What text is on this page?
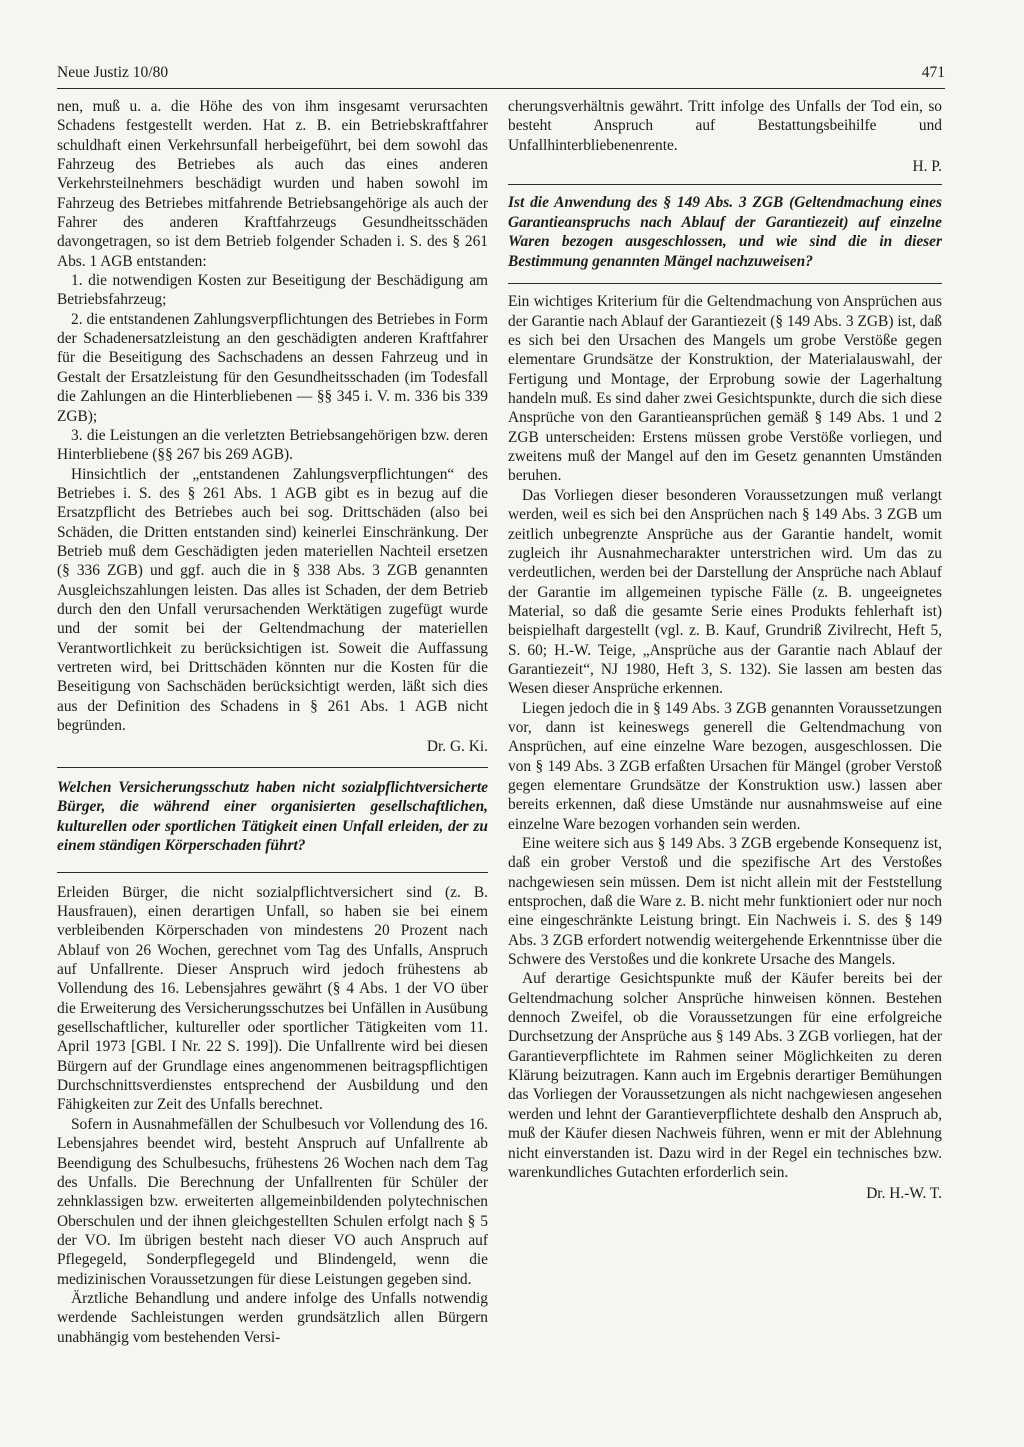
Neue Justiz 10/80	471

nen, muß u. a. die Höhe des von ihm insgesamt verursachten Schadens festgestellt werden. Hat z. B. ein Betriebskraftfahrer schuldhaft einen Verkehrsunfall herbeigeführt, bei dem sowohl das Fahrzeug des Betriebes als auch das eines anderen Verkehrsteilnehmers beschädigt wurden und haben sowohl im Fahrzeug des Betriebes mitfahrende Betriebsangehörige als auch der Fahrer des anderen Kraftfahrzeugs Gesundheitsschäden davongetragen, so ist dem Betrieb folgender Schaden i. S. des § 261 Abs. 1 AGB entstanden:

1. die notwendigen Kosten zur Beseitigung der Beschädigung am Betriebsfahrzeug;

2. die entstandenen Zahlungsverpflichtungen des Betriebes in Form der Schadenersatzleistung an den geschädigten anderen Kraftfahrer für die Beseitigung des Sachschadens an dessen Fahrzeug und in Gestalt der Ersatzleistung für den Gesundheitsschaden (im Todesfall die Zahlungen an die Hinterbliebenen — §§ 345 i. V. m. 336 bis 339 ZGB);

3. die Leistungen an die verletzten Betriebsangehörigen bzw. deren Hinterbliebene (§§ 267 bis 269 AGB).

Hinsichtlich der „entstandenen Zahlungsverpflichtungen“ des Betriebes i. S. des § 261 Abs. 1 AGB gibt es in bezug auf die Ersatzpflicht des Betriebes auch bei sog. Drittschäden (also bei Schäden, die Dritten entstanden sind) keinerlei Einschränkung. Der Betrieb muß dem Geschädigten jeden materiellen Nachteil ersetzen (§ 336 ZGB) und ggf. auch die in § 338 Abs. 3 ZGB genannten Ausgleichszahlungen leisten. Das alles ist Schaden, der dem Betrieb durch den den Unfall verursachenden Werktätigen zugefügt wurde und der somit bei der Geltendmachung der materiellen Verantwortlichkeit zu berücksichtigen ist. Soweit die Auffassung vertreten wird, bei Drittschäden könnten nur die Kosten für die Beseitigung von Sachschäden berücksichtigt werden, läßt sich dies aus der Definition des Schadens in § 261 Abs. 1 AGB nicht begründen.

Dr. G. Ki.

Welchen Versicherungsschutz haben nicht sozialpflichtversicherte Bürger, die während einer organisierten gesellschaftlichen, kulturellen oder sportlichen Tätigkeit einen Unfall erleiden, der zu einem ständigen Körperschaden führt?

Erleiden Bürger, die nicht sozialpflichtversichert sind (z. B. Hausfrauen), einen derartigen Unfall, so haben sie bei einem verbleibenden Körperschaden von mindestens 20 Prozent nach Ablauf von 26 Wochen, gerechnet vom Tag des Unfalls, Anspruch auf Unfallrente. Dieser Anspruch wird jedoch frühestens ab Vollendung des 16. Lebensjahres gewährt (§ 4 Abs. 1 der VO über die Erweiterung des Versicherungsschutzes bei Unfällen in Ausübung gesellschaftlicher, kultureller oder sportlicher Tätigkeiten vom 11. April 1973 [GBl. I Nr. 22 S. 199]). Die Unfallrente wird bei diesen Bürgern auf der Grundlage eines angenommenen beitragspflichtigen Durchschnittsverdienstes entsprechend der Ausbildung und den Fähigkeiten zur Zeit des Unfalls berechnet.

Sofern in Ausnahmefällen der Schulbesuch vor Vollendung des 16. Lebensjahres beendet wird, besteht Anspruch auf Unfallrente ab Beendigung des Schulbesuchs, frühestens 26 Wochen nach dem Tag des Unfalls. Die Berechnung der Unfallrenten für Schüler der zehnklassigen bzw. erweiterten allgemeinbildenden polytechnischen Oberschulen und der ihnen gleichgestellten Schulen erfolgt nach § 5 der VO. Im übrigen besteht nach dieser VO auch Anspruch auf Pflegegeld, Sonderpflegegeld und Blindengeld, wenn die medizinischen Voraussetzungen für diese Leistungen gegeben sind.

Ärztliche Behandlung und andere infolge des Unfalls notwendig werdende Sachleistungen werden grundsätzlich allen Bürgern unabhängig vom bestehenden Versi-

cherungsverhältnis gewährt. Tritt infolge des Unfalls der Tod ein, so besteht Anspruch auf Bestattungsbeihilfe und Unfallhinterbliebenenrente.

H. P.

Ist die Anwendung des § 149 Abs. 3 ZGB (Geltendmachung eines Garantieanspruchs nach Ablauf der Garantiezeit) auf einzelne Waren bezogen ausgeschlossen, und wie sind die in dieser Bestimmung genannten Mängel nachzuweisen?

Ein wichtiges Kriterium für die Geltendmachung von Ansprüchen aus der Garantie nach Ablauf der Garantiezeit (§ 149 Abs. 3 ZGB) ist, daß es sich bei den Ursachen des Mangels um grobe Verstöße gegen elementare Grundsätze der Konstruktion, der Materialauswahl, der Fertigung und Montage, der Erprobung sowie der Lagerhaltung handeln muß. Es sind daher zwei Gesichtspunkte, durch die sich diese Ansprüche von den Garantieansprüchen gemäß § 149 Abs. 1 und 2 ZGB unterscheiden: Erstens müssen grobe Verstöße vorliegen, und zweitens muß der Mangel auf den im Gesetz genannten Umständen beruhen.

Das Vorliegen dieser besonderen Voraussetzungen muß verlangt werden, weil es sich bei den Ansprüchen nach § 149 Abs. 3 ZGB um zeitlich unbegrenzte Ansprüche aus der Garantie handelt, womit zugleich ihr Ausnahmecharakter unterstrichen wird. Um das zu verdeutlichen, werden bei der Darstellung der Ansprüche nach Ablauf der Garantie im allgemeinen typische Fälle (z. B. ungeeignetes Material, so daß die gesamte Serie eines Produkts fehlerhaft ist) beispielhaft dargestellt (vgl. z. B. Kauf, Grundriß Zivilrecht, Heft 5, S. 60; H.-W. Teige, „Ansprüche aus der Garantie nach Ablauf der Garantiezeit“, NJ 1980, Heft 3, S. 132). Sie lassen am besten das Wesen dieser Ansprüche erkennen.

Liegen jedoch die in § 149 Abs. 3 ZGB genannten Voraussetzungen vor, dann ist keineswegs generell die Geltendmachung von Ansprüchen, auf eine einzelne Ware bezogen, ausgeschlossen. Die von § 149 Abs. 3 ZGB erfaßten Ursachen für Mängel (grober Verstoß gegen elementare Grundsätze der Konstruktion usw.) lassen aber bereits erkennen, daß diese Umstände nur ausnahmsweise auf eine einzelne Ware bezogen vorhanden sein werden.

Eine weitere sich aus § 149 Abs. 3 ZGB ergebende Konsequenz ist, daß ein grober Verstoß und die spezifische Art des Verstoßes nachgewiesen sein müssen. Dem ist nicht allein mit der Feststellung entsprochen, daß die Ware z. B. nicht mehr funktioniert oder nur noch eine eingeschränkte Leistung bringt. Ein Nachweis i. S. des § 149 Abs. 3 ZGB erfordert notwendig weitergehende Erkenntnisse über die Schwere des Verstoßes und die konkrete Ursache des Mangels.

Auf derartige Gesichtspunkte muß der Käufer bereits bei der Geltendmachung solcher Ansprüche hinweisen können. Bestehen dennoch Zweifel, ob die Voraussetzungen für eine erfolgreiche Durchsetzung der Ansprüche aus § 149 Abs. 3 ZGB vorliegen, hat der Garantieverpflichtete im Rahmen seiner Möglichkeiten zu deren Klärung beizutragen. Kann auch im Ergebnis derartiger Bemühungen das Vorliegen der Voraussetzungen als nicht nachgewiesen angesehen werden und lehnt der Garantieverpflichtete deshalb den Anspruch ab, muß der Käufer diesen Nachweis führen, wenn er mit der Ablehnung nicht einverstanden ist. Dazu wird in der Regel ein technisches bzw. warenkundliches Gutachten erforderlich sein.

Dr. H.-W. T.
